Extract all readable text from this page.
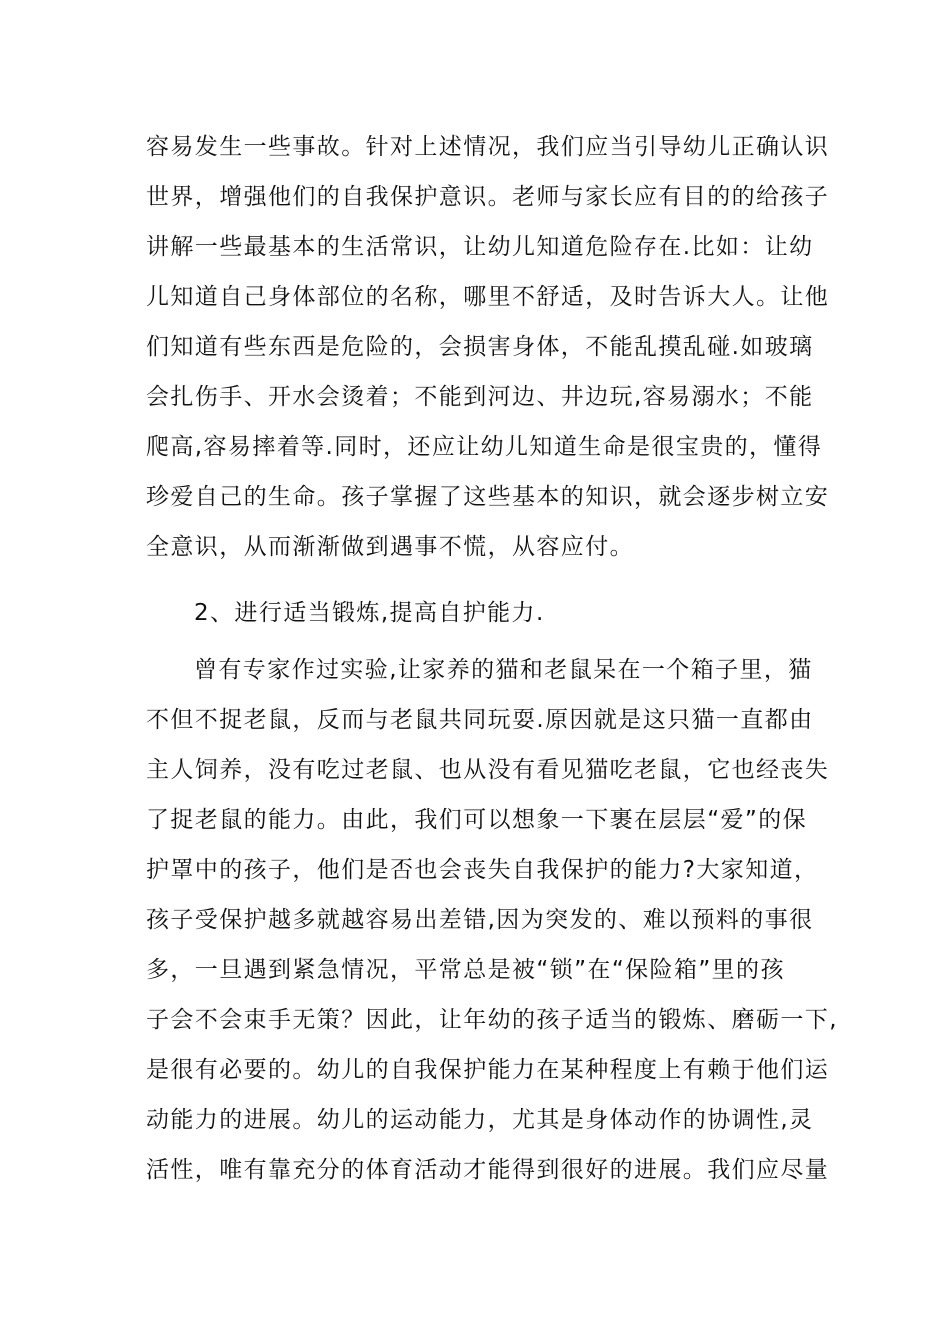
容易发生一些事故。针对上述情况，我们应当引导幼儿正确认识
世界，增强他们的自我保护意识。老师与家长应有目的的给孩子
讲解一些最基本的生活常识，让幼儿知道危险存在.比如：让幼
儿知道自己身体部位的名称，哪里不舒适，及时告诉大人。让他
们知道有些东西是危险的，会损害身体，不能乱摸乱碰.如玻璃
会扎伤手、开水会烫着；不能到河边、井边玩,容易溺水；不能
爬高,容易摔着等.同时，还应让幼儿知道生命是很宝贵的，懂得
珍爱自己的生命。孩子掌握了这些基本的知识，就会逐步树立安
全意识，从而渐渐做到遇事不慌，从容应付。
2、进行适当锻炼,提高自护能力.
曾有专家作过实验,让家养的猫和老鼠呆在一个箱子里，猫
不但不捉老鼠，反而与老鼠共同玩耍.原因就是这只猫一直都由
主人饲养，没有吃过老鼠、也从没有看见猫吃老鼠，它也经丧失
了捉老鼠的能力。由此，我们可以想象一下裹在层层“爱”的保
护罩中的孩子，他们是否也会丧失自我保护的能力?大家知道，
孩子受保护越多就越容易出差错,因为突发的、难以预料的事很
多，一旦遇到紧急情况，平常总是被“锁”在“保险箱”里的孩
子会不会束手无策？因此，让年幼的孩子适当的锻炼、磨砺一下,
是很有必要的。幼儿的自我保护能力在某种程度上有赖于他们运
动能力的进展。幼儿的运动能力，尤其是身体动作的协调性,灵
活性，唯有靠充分的体育活动才能得到很好的进展。我们应尽量
